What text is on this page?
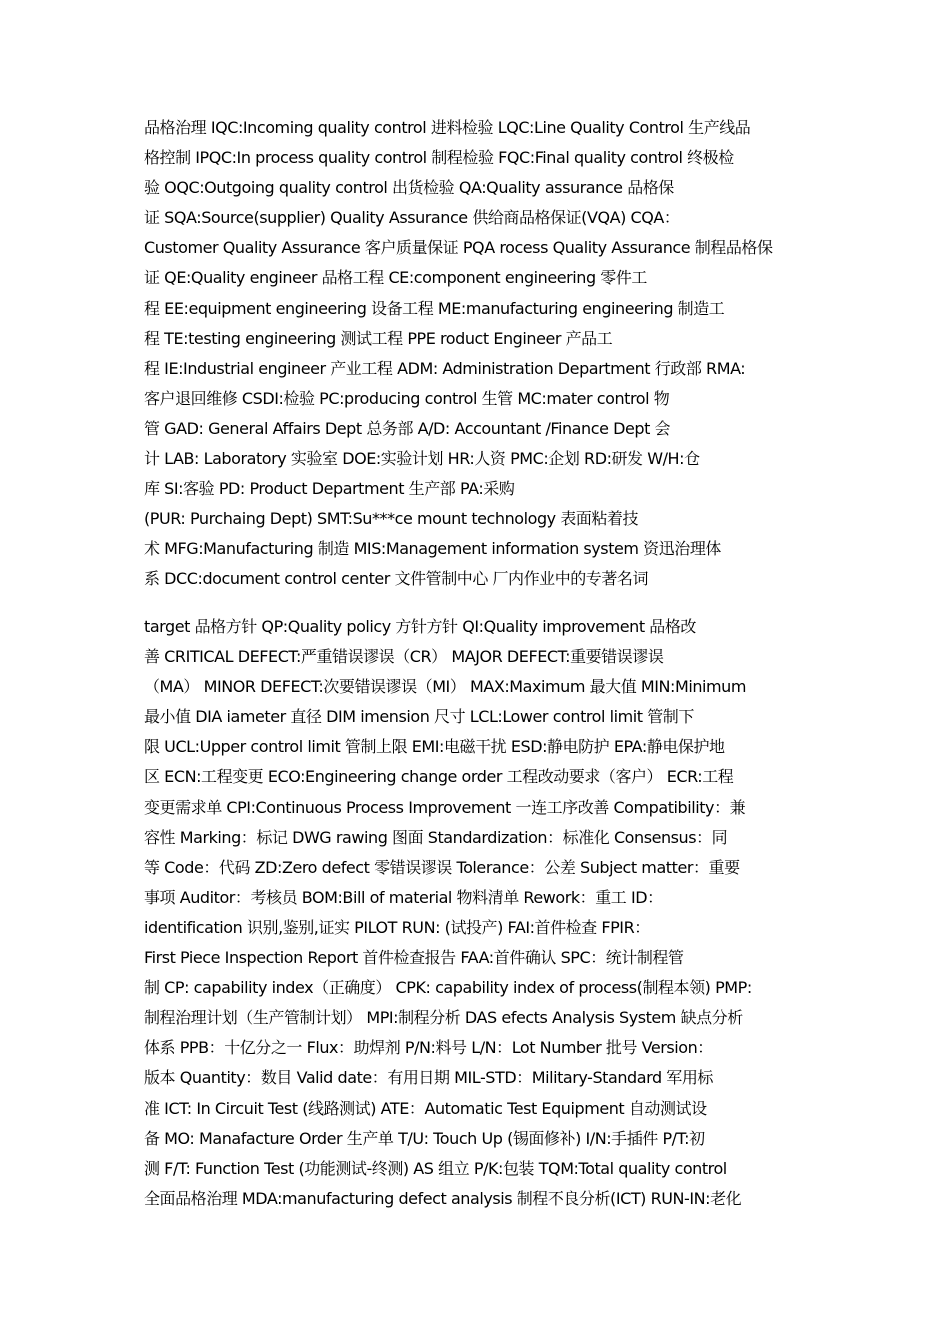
品格治理 IQC:Incoming quality control 进料检验 LQC:Line Quality Control 生产线品
格控制 IPQC:In process quality control 制程检验 FQC:Final quality control 终极检
验 OQC:Outgoing quality control 出货检验 QA:Quality assurance 品格保
证 SQA:Source(supplier) Quality Assurance 供给商品格保证(VQA) CQA：
Customer Quality Assurance 客户质量保证 PQA rocess Quality Assurance 制程品格保
证 QE:Quality engineer 品格工程 CE:component engineering 零件工
程 EE:equipment engineering 设备工程 ME:manufacturing engineering 制造工
程 TE:testing engineering 测试工程 PPE roduct Engineer 产品工
程 IE:Industrial engineer 产业工程 ADM: Administration Department 行政部 RMA:
客户退回维修 CSDI:检验 PC:producing control 生管 MC:mater control 物
管 GAD: General Affairs Dept 总务部 A/D: Accountant /Finance Dept 会
计 LAB: Laboratory 实验室 DOE:实验计划 HR:人资 PMC:企划 RD:研发 W/H:仓
库 SI:客验 PD: Product Department 生产部 PA:采购
(PUR: Purchaing Dept) SMT:Su***ce mount technology 表面粘着技
术 MFG:Manufacturing 制造 MIS:Management information system 资迅治理体
系 DCC:document control center 文件管制中心 厂内作业中的专著名词
target 品格方针 QP:Quality policy 方针方针 QI:Quality improvement 品格改
善 CRITICAL DEFECT:严重错误谬误（CR） MAJOR DEFECT:重要错误谬误
（MA） MINOR DEFECT:次要错误谬误（MI） MAX:Maximum 最大值 MIN:Minimum
最小值 DIA iameter 直径 DIM imension 尺寸 LCL:Lower control limit 管制下
限 UCL:Upper control limit 管制上限 EMI:电磁干扰 ESD:静电防护 EPA:静电保护地
区 ECN:工程变更 ECO:Engineering change order 工程改动要求（客户） ECR:工程
变更需求单 CPI:Continuous Process Improvement 一连工序改善 Compatibility：兼
容性 Marking：标记 DWG rawing 图面 Standardization：标准化 Consensus：同
等 Code：代码 ZD:Zero defect 零错误谬误 Tolerance：公差 Subject matter：重要
事项 Auditor：考核员 BOM:Bill of material 物料清单 Rework：重工 ID：
identification 识别,鉴别,证实 PILOT RUN: (试投产) FAI:首件检查 FPIR：
First Piece Inspection Report 首件检查报告 FAA:首件确认 SPC：统计制程管
制 CP: capability index（正确度） CPK: capability index of process(制程本领) PMP:
制程治理计划（生产管制计划） MPI:制程分析 DAS efects Analysis System 缺点分析
体系 PPB：十亿分之一 Flux：助焊剂 P/N:料号 L/N：Lot Number 批号 Version：
版本 Quantity：数目 Valid date：有用日期 MIL-STD：Military-Standard 军用标
准 ICT: In Circuit Test (线路测试) ATE：Automatic Test Equipment 自动测试设
备 MO: Manafacture Order 生产单 T/U: Touch Up (锡面修补) I/N:手插件 P/T:初
测 F/T: Function Test (功能测试-终测) AS 组立 P/K:包装 TQM:Total quality control
全面品格治理 MDA:manufacturing defect analysis 制程不良分析(ICT) RUN-IN:老化
